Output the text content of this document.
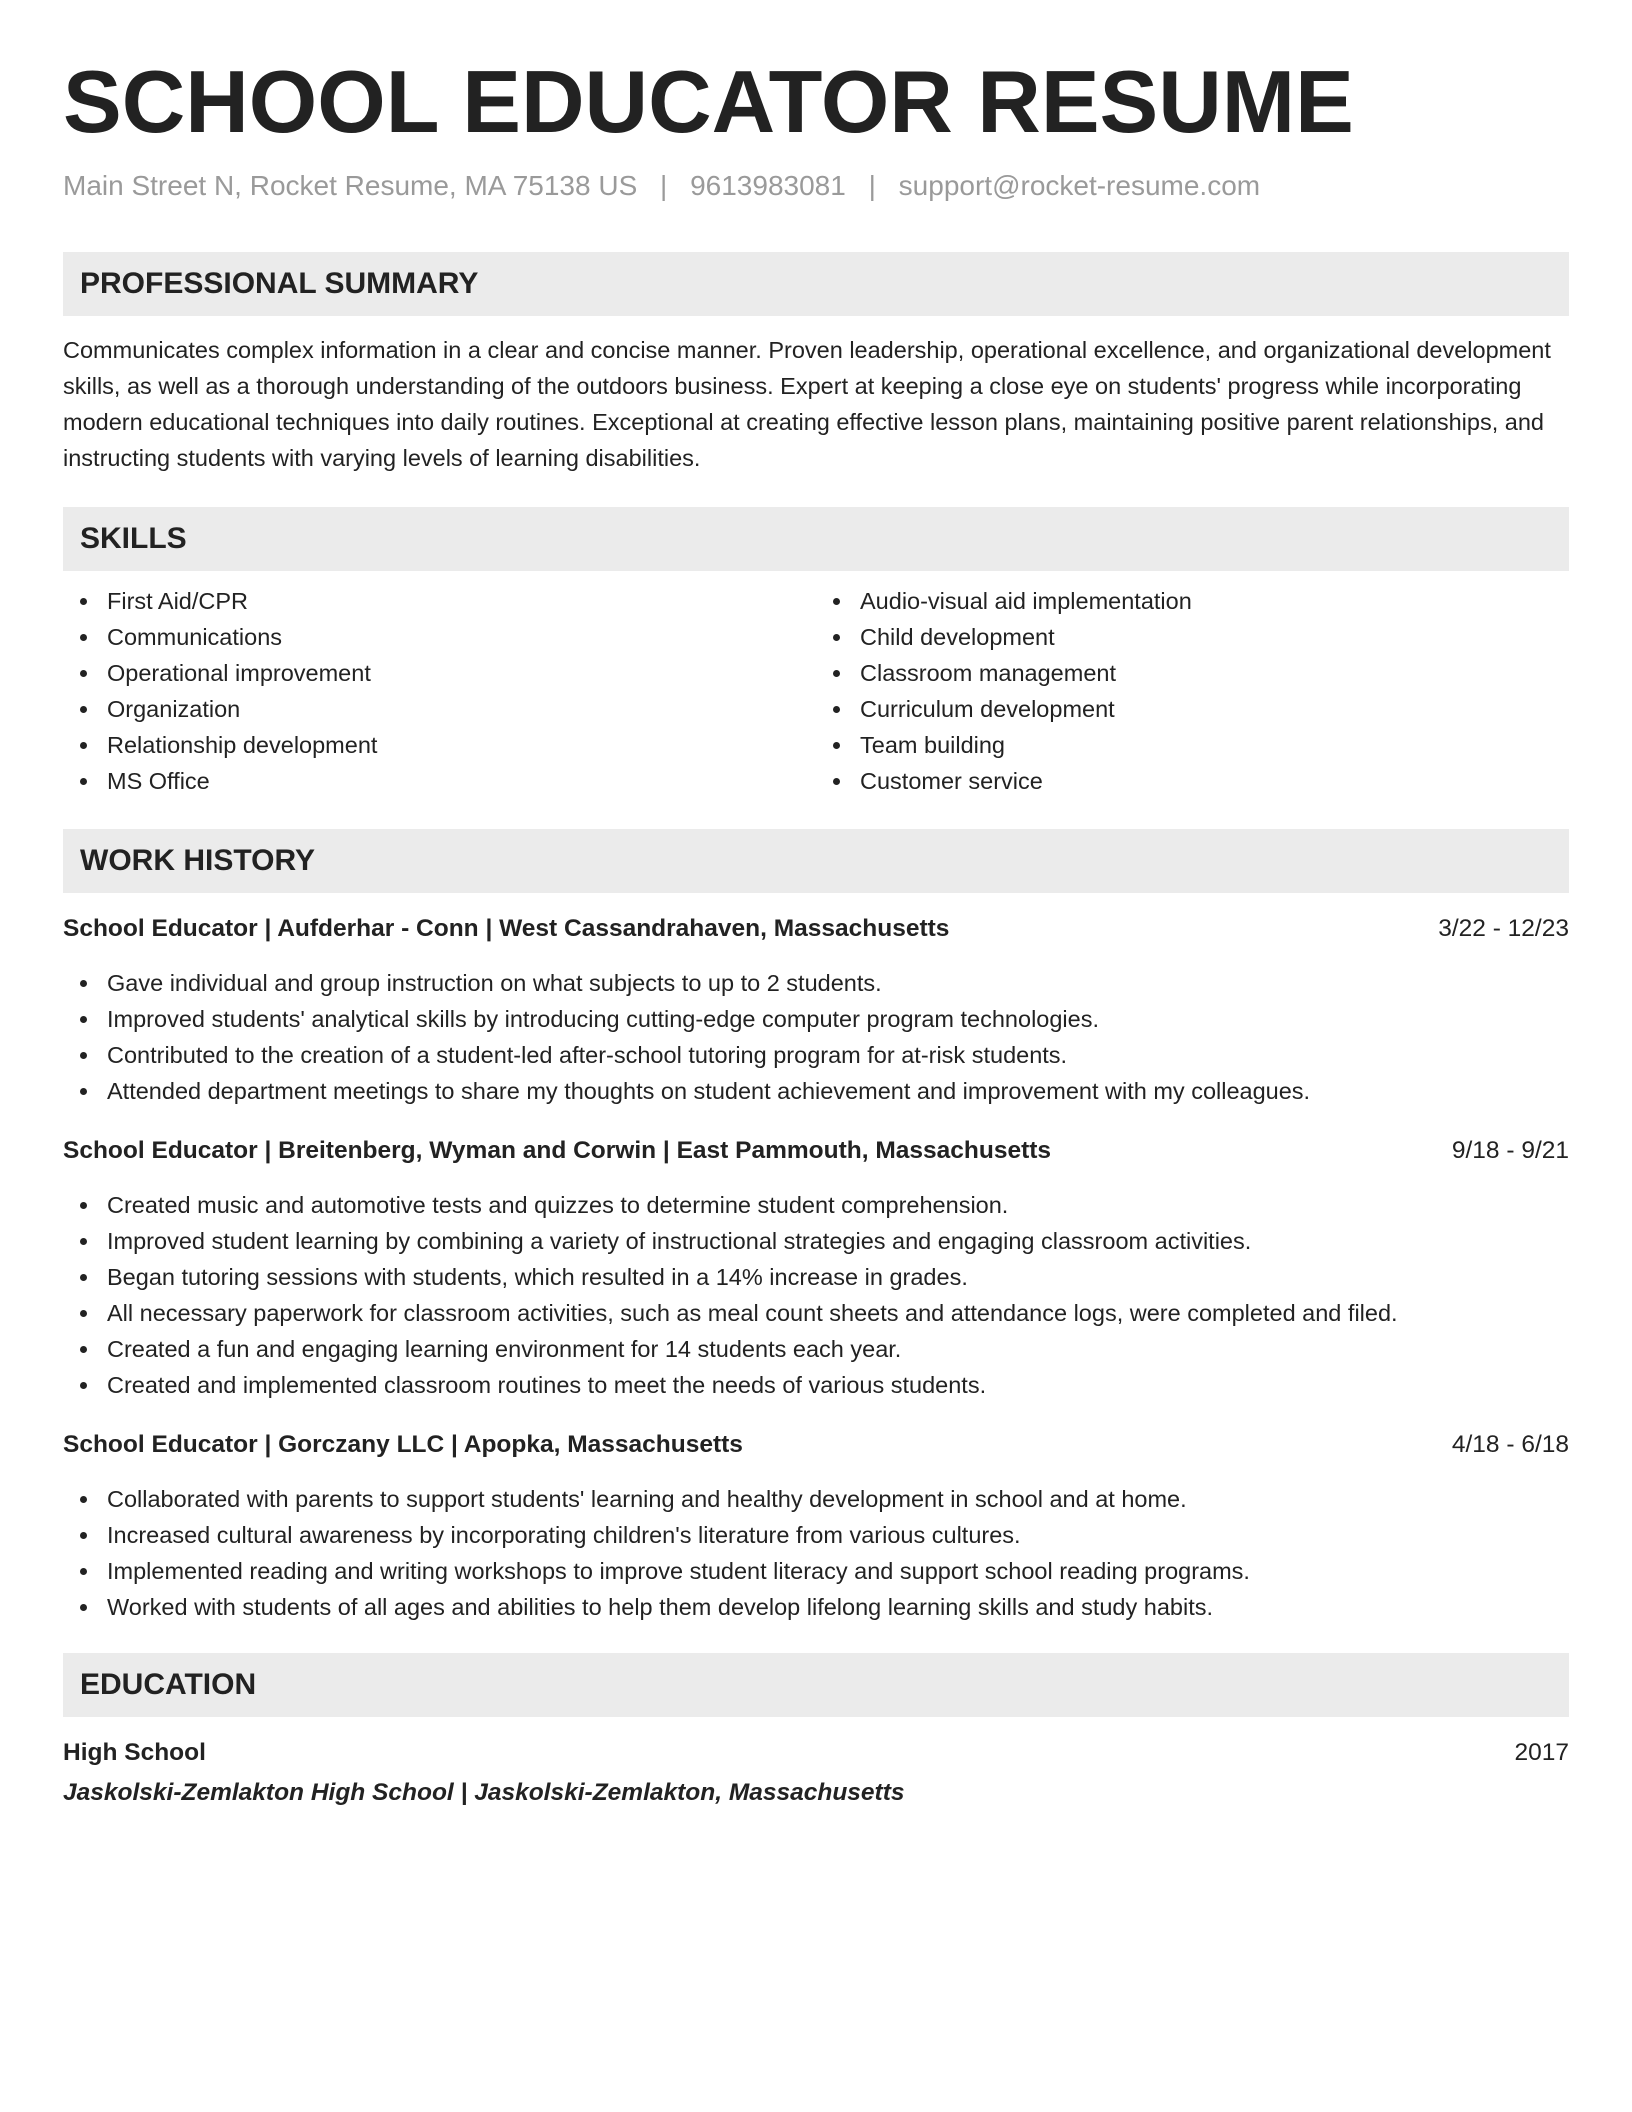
SCHOOL EDUCATOR RESUME
Main Street N, Rocket Resume, MA 75138 US | 9613983081 | support@rocket-resume.com
PROFESSIONAL SUMMARY
Communicates complex information in a clear and concise manner. Proven leadership, operational excellence, and organizational development skills, as well as a thorough understanding of the outdoors business. Expert at keeping a close eye on students' progress while incorporating modern educational techniques into daily routines. Exceptional at creating effective lesson plans, maintaining positive parent relationships, and instructing students with varying levels of learning disabilities.
SKILLS
First Aid/CPR
Communications
Operational improvement
Organization
Relationship development
MS Office
Audio-visual aid implementation
Child development
Classroom management
Curriculum development
Team building
Customer service
WORK HISTORY
School Educator | Aufderhar - Conn | West Cassandrahaven, Massachusetts	3/22 - 12/23
Gave individual and group instruction on what subjects to up to 2 students.
Improved students' analytical skills by introducing cutting-edge computer program technologies.
Contributed to the creation of a student-led after-school tutoring program for at-risk students.
Attended department meetings to share my thoughts on student achievement and improvement with my colleagues.
School Educator | Breitenberg, Wyman and Corwin | East Pammouth, Massachusetts	9/18 - 9/21
Created music and automotive tests and quizzes to determine student comprehension.
Improved student learning by combining a variety of instructional strategies and engaging classroom activities.
Began tutoring sessions with students, which resulted in a 14% increase in grades.
All necessary paperwork for classroom activities, such as meal count sheets and attendance logs, were completed and filed.
Created a fun and engaging learning environment for 14 students each year.
Created and implemented classroom routines to meet the needs of various students.
School Educator | Gorczany LLC | Apopka, Massachusetts	4/18 - 6/18
Collaborated with parents to support students' learning and healthy development in school and at home.
Increased cultural awareness by incorporating children's literature from various cultures.
Implemented reading and writing workshops to improve student literacy and support school reading programs.
Worked with students of all ages and abilities to help them develop lifelong learning skills and study habits.
EDUCATION
High School	2017
Jaskolski-Zemlakton High School | Jaskolski-Zemlakton, Massachusetts
